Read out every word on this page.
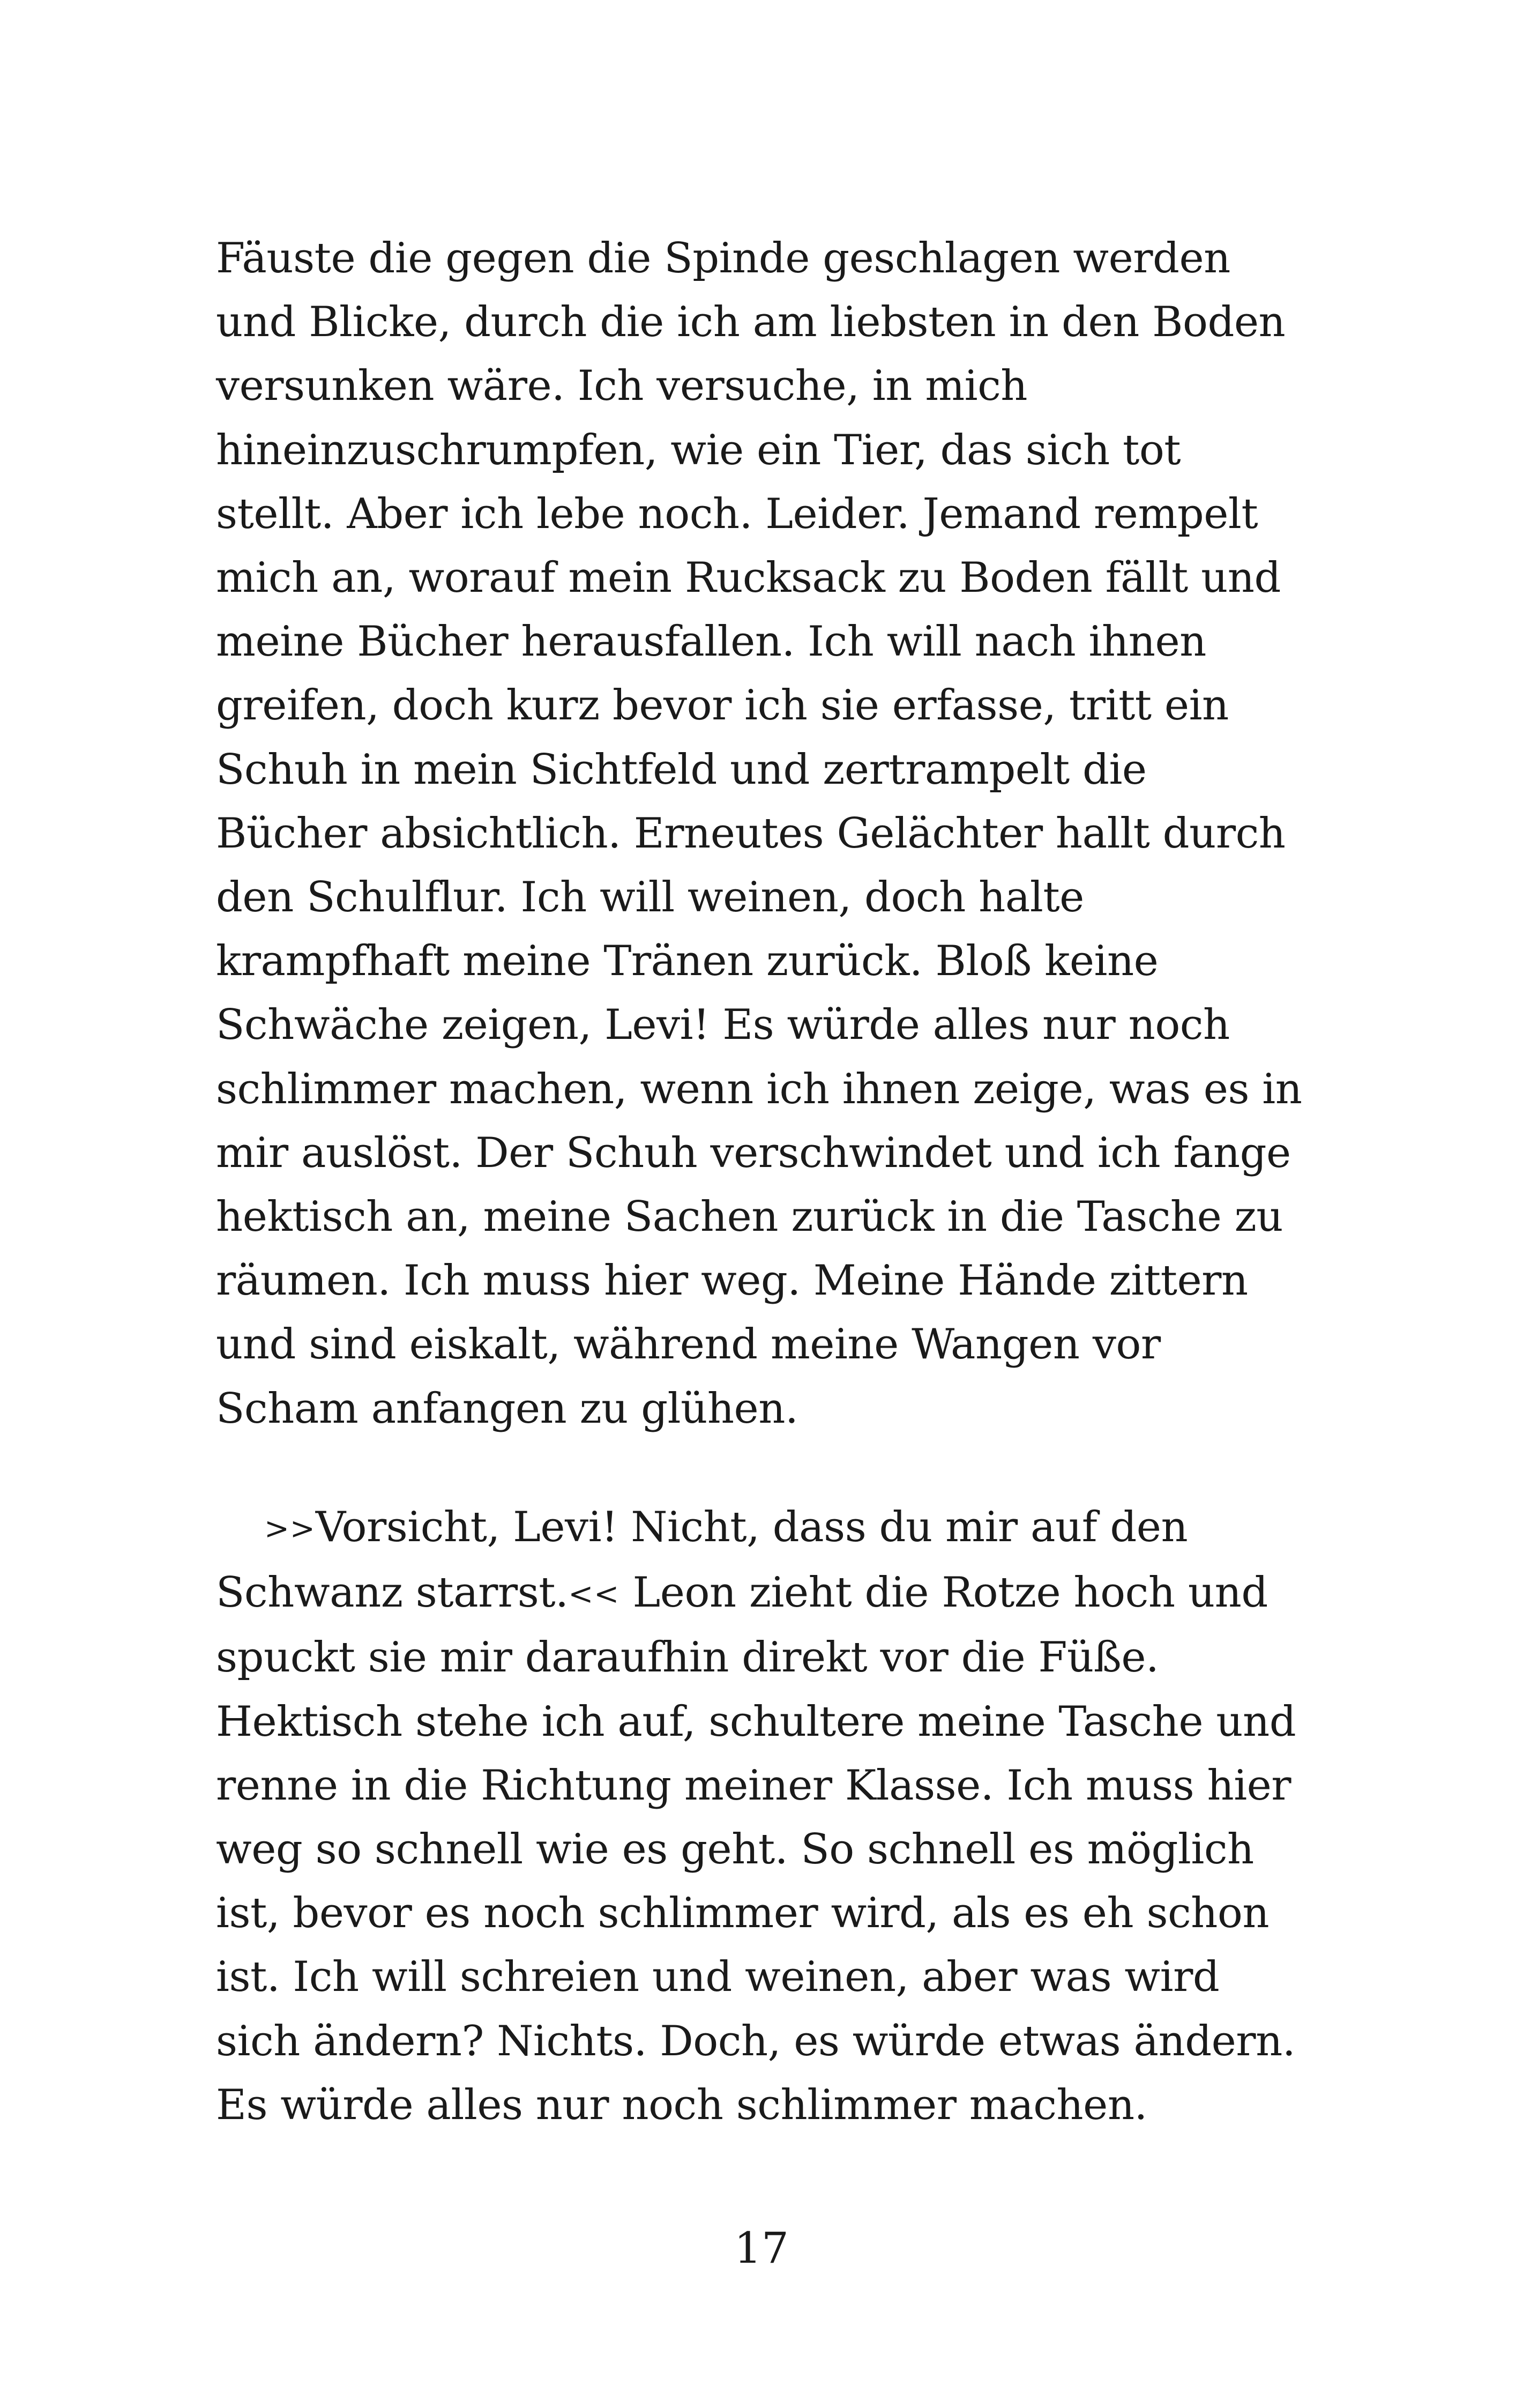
Fäuste die gegen die Spinde geschlagen werden
und Blicke, durch die ich am liebsten in den Boden
versunken wäre. Ich versuche, in mich
hineinzuschrumpfen, wie ein Tier, das sich tot
stellt. Aber ich lebe noch. Leider. Jemand rempelt
mich an, worauf mein Rucksack zu Boden fällt und
meine Bücher herausfallen. Ich will nach ihnen
greifen, doch kurz bevor ich sie erfasse, tritt ein
Schuh in mein Sichtfeld und zertrampelt die
Bücher absichtlich. Erneutes Gelächter hallt durch
den Schulflur. Ich will weinen, doch halte
krampfhaft meine Tränen zurück. Bloß keine
Schwäche zeigen, Levi! Es würde alles nur noch
schlimmer machen, wenn ich ihnen zeige, was es in
mir auslöst. Der Schuh verschwindet und ich fange
hektisch an, meine Sachen zurück in die Tasche zu
räumen. Ich muss hier weg. Meine Hände zittern
und sind eiskalt, während meine Wangen vor
Scham anfangen zu glühen.
>>Vorsicht, Levi! Nicht, dass du mir auf den
Schwanz starrst.<< Leon zieht die Rotze hoch und
spuckt sie mir daraufhin direkt vor die Füße.
Hektisch stehe ich auf, schultere meine Tasche und
renne in die Richtung meiner Klasse. Ich muss hier
weg so schnell wie es geht. So schnell es möglich
ist, bevor es noch schlimmer wird, als es eh schon
ist. Ich will schreien und weinen, aber was wird
sich ändern? Nichts. Doch, es würde etwas ändern.
Es würde alles nur noch schlimmer machen.
17
